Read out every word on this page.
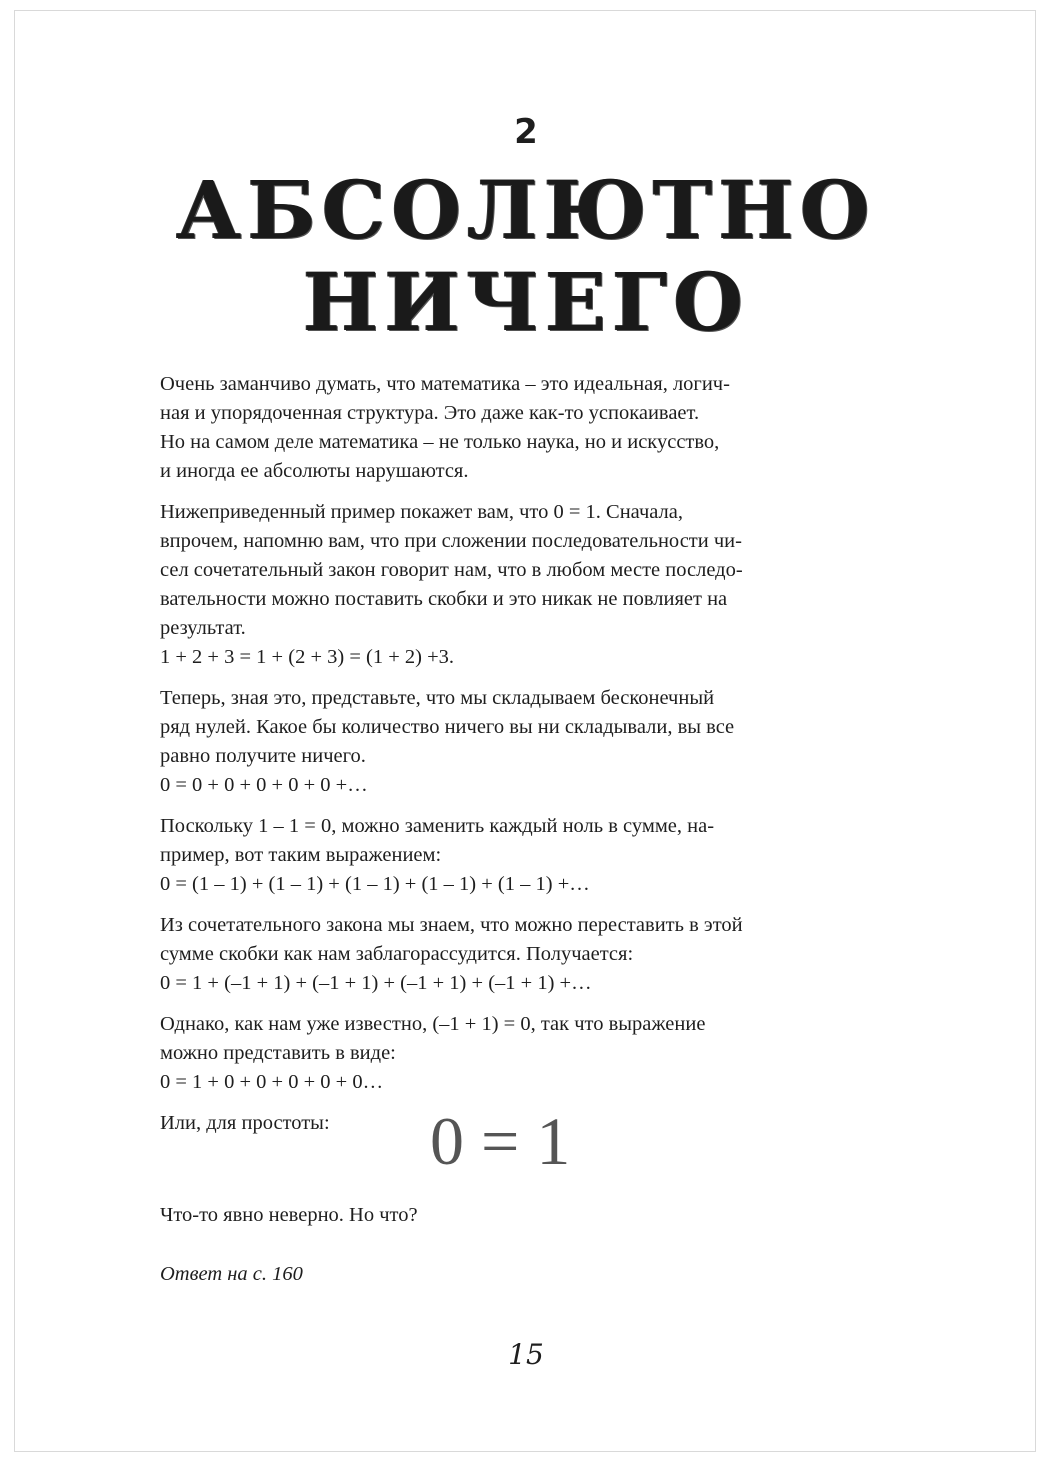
2
АБСОЛЮТНО
НИЧЕГО
Очень заманчиво думать, что математика – это идеальная, логич-
ная и упорядоченная структура. Это даже как-то успокаивает.
Но на самом деле математика – не только наука, но и искусство,
и иногда ее абсолюты нарушаются.
Нижеприведенный пример покажет вам, что 0 = 1. Сначала,
впрочем, напомню вам, что при сложении последовательности чи-
сел сочетательный закон говорит нам, что в любом месте последо-
вательности можно поставить скобки и это никак не повлияет на
результат.
1 + 2 + 3 = 1 + (2 + 3) = (1 + 2) +3.
Теперь, зная это, представьте, что мы складываем бесконечный
ряд нулей. Какое бы количество ничего вы ни складывали, вы все
равно получите ничего.
0 = 0 + 0 + 0 + 0 + 0 +…
Поскольку 1 – 1 = 0, можно заменить каждый ноль в сумме, на-
пример, вот таким выражением:
0 = (1 – 1) + (1 – 1) + (1 – 1) + (1 – 1) + (1 – 1) +…
Из сочетательного закона мы знаем, что можно переставить в этой
сумме скобки как нам заблагорассудится. Получается:
0 = 1 + (–1 + 1) + (–1 + 1) + (–1 + 1) + (–1 + 1) +…
Однако, как нам уже известно, (–1 + 1) = 0, так что выражение
можно представить в виде:
0 = 1 + 0 + 0 + 0 + 0 + 0…
Или, для простоты: 0 = 1
Что-то явно неверно. Но что?
Ответ на с. 160
15
